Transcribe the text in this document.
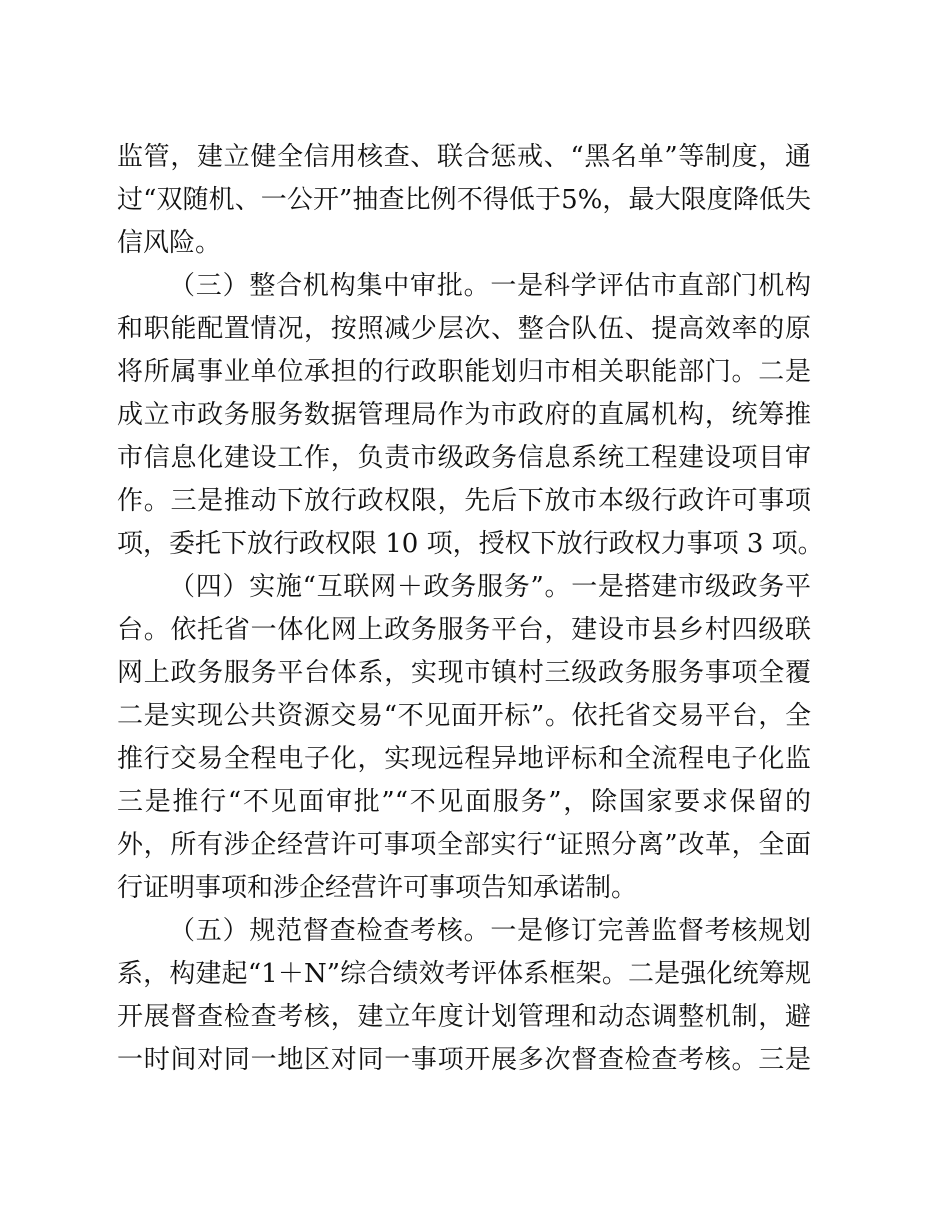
监管，建立健全信用核查、联合惩戒、“黑名单”等制度，通
过“双随机、一公开”抽查比例不得低于5%，最大限度降低失
信风险。
（三）整合机构集中审批。一是科学评估市直部门机构
和职能配置情况，按照减少层次、整合队伍、提高效率的原
将所属事业单位承担的行政职能划归市相关职能部门。二是
成立市政务服务数据管理局作为市政府的直属机构，统筹推
市信息化建设工作，负责市级政务信息系统工程建设项目审
作。三是推动下放行政权限，先后下放市本级行政许可事项
项，委托下放行政权限 10 项，授权下放行政权力事项 3 项。
（四）实施“互联网＋政务服务”。一是搭建市级政务平
台。依托省一体化网上政务服务平台，建设市县乡村四级联
网上政务服务平台体系，实现市镇村三级政务服务事项全覆
二是实现公共资源交易“不见面开标”。依托省交易平台，全
推行交易全程电子化，实现远程异地评标和全流程电子化监
三是推行“不见面审批”“不见面服务”，除国家要求保留的
外，所有涉企经营许可事项全部实行“证照分离”改革，全面
行证明事项和涉企经营许可事项告知承诺制。
（五）规范督查检查考核。一是修订完善监督考核规划
系，构建起“1＋N”综合绩效考评体系框架。二是强化统筹规
开展督查检查考核，建立年度计划管理和动态调整机制，避
一时间对同一地区对同一事项开展多次督查检查考核。三是
